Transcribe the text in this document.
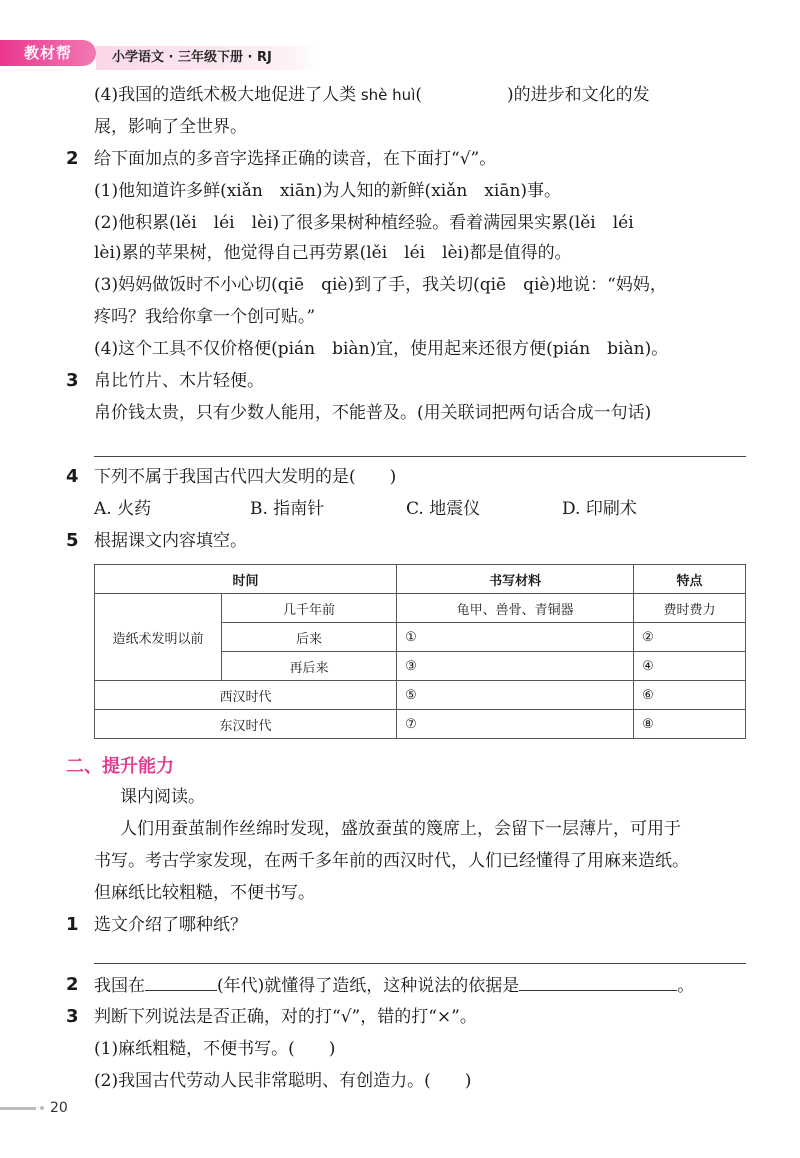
教材帮	小学语文 · 三年级下册 · RJ
(4)我国的造纸术极大地促进了人类 shè huì(　　　　　)的进步和文化的发
展，影响了全世界。
2 给下面加点的多音字选择正确的读音，在下面打“√”。
(1)他知道许多鲜(xiǎn　xiān)为人知的新鲜(xiǎn　xiān)事。
(2)他积累(lěi　léi　lèi)了很多果树种植经验。看着满园果实累(lěi　léi
lèi)累的苹果树，他觉得自己再劳累(lěi　léi　lèi)都是值得的。
(3)妈妈做饭时不小心切(qiē　qiè)到了手，我关切(qiē　qiè)地说：“妈妈，
疼吗？我给你拿一个创可贴。”
(4)这个工具不仅价格便(pián　biàn)宜，使用起来还很方便(pián　biàn)。
3 帛比竹片、木片轻便。
帛价钱太贵，只有少数人能用，不能普及。(用关联词把两句话合成一句话)
4 下列不属于我国古代四大发明的是(　　)
A. 火药	B. 指南针	C. 地震仪	D. 印刷术
5 根据课文内容填空。
时间		书写材料	特点
造纸术发明以前	几千年前	龟甲、兽骨、青铜器	费时费力
	后来	①	②
	再后来	③	④
西汉时代		⑤	⑥
东汉时代		⑦	⑧
二、提升能力
课内阅读。
人们用蚕茧制作丝绵时发现，盛放蚕茧的篾席上，会留下一层薄片，可用于
书写。考古学家发现，在两千多年前的西汉时代，人们已经懂得了用麻来造纸。
但麻纸比较粗糙，不便书写。
1 选文介绍了哪种纸？
2 我国在	(年代)就懂得了造纸，这种说法的依据是	。
3 判断下列说法是否正确，对的打“√”，错的打“×”。
(1)麻纸粗糙，不便书写。(　　)
(2)我国古代劳动人民非常聪明、有创造力。(　　)
20
